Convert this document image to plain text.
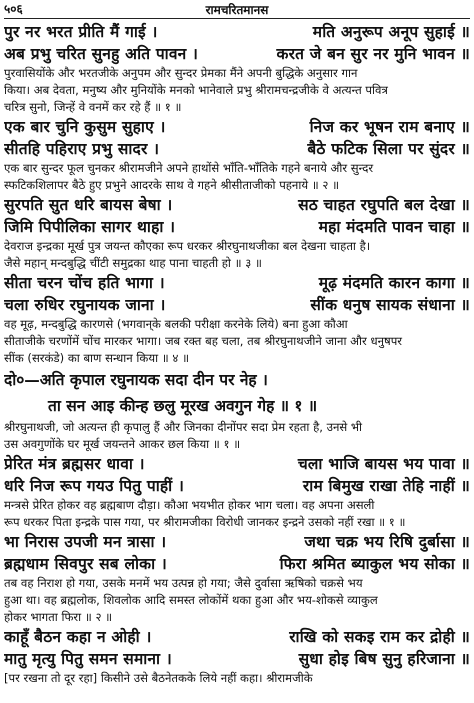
५०६	रामचरितमानस
पुर नर भरत प्रीति मैं गाई ।	मति अनुरूप अनूप सुहाई ॥
अब प्रभु चरित सुनहु अति पावन ।	करत जे बन सुर नर मुनि भावन ॥
पुरवासियोंके और भरतजीके अनुपम और सुन्दर प्रेमका मैंने अपनी बुद्धिके अनुसार गान
किया। अब देवता, मनुष्य और मुनियोंके मनको भानेवाले प्रभु श्रीरामचन्द्रजीके वे अत्यन्त पवित्र
चरित्र सुनो, जिन्हें वे वनमें कर रहे हैं ॥ १ ॥
एक बार चुनि कुसुम सुहाए ।	निज कर भूषन राम बनाए ॥
सीतहि पहिराए प्रभु सादर ।	बैठे फटिक सिला पर सुंदर ॥
एक बार सुन्दर फूल चुनकर श्रीरामजीने अपने हाथोंसे भाँति-भाँतिके गहने बनाये और सुन्दर
स्फटिकशिलापर बैठे हुए प्रभुने आदरके साथ वे गहने श्रीसीताजीको पहनाये ॥ २ ॥
सुरपति सुत धरि बायस बेषा ।	सठ चाहत रघुपति बल देखा ॥
जिमि पिपीलिका सागर थाहा ।	महा मंदमति पावन चाहा ॥
देवराज इन्द्रका मूर्ख पुत्र जयन्त कौएका रूप धरकर श्रीरघुनाथजीका बल देखना चाहता है।
जैसे महान् मन्दबुद्धि चींटी समुद्रका थाह पाना चाहती हो ॥ ३ ॥
सीता चरन चोंच हति भागा ।	मूढ़ मंदमति कारन कागा ॥
चला रुधिर रघुनायक जाना ।	सींक धनुष सायक संधाना ॥
वह मूढ़, मन्दबुद्धि कारणसे (भगवान्‌के बलकी परीक्षा करनेके लिये) बना हुआ कौआ
सीताजीके चरणोंमें चोंच मारकर भागा। जब रक्त बह चला, तब श्रीरघुनाथजीने जाना और धनुषपर
सींक (सरकंडे) का बाण सन्धान किया ॥ ४ ॥
दो०—अति कृपाल रघुनायक सदा दीन पर नेह ।
ता सन आइ कीन्ह छलु मूरख अवगुन गेह ॥ १ ॥
श्रीरघुनाथजी, जो अत्यन्त ही कृपालु हैं और जिनका दीनोंपर सदा प्रेम रहता है, उनसे भी
उस अवगुणोंके घर मूर्ख जयन्तने आकर छल किया ॥ १ ॥
प्रेरित मंत्र ब्रह्मसर धावा ।	चला भाजि बायस भय पावा ॥
धरि निज रूप गयउ पितु पाहीं ।	राम बिमुख राखा तेहि नाहीं ॥
मन्त्रसे प्रेरित होकर वह ब्रह्मबाण दौड़ा। कौआ भयभीत होकर भाग चला। वह अपना असली
रूप धरकर पिता इन्द्रके पास गया, पर श्रीरामजीका विरोधी जानकर इन्द्रने उसको नहीं रखा ॥ १ ॥
भा निरास उपजी मन त्रासा ।	जथा चक्र भय रिषि दुर्बासा ॥
ब्रह्मधाम सिवपुर सब लोका ।	फिरा श्रमित ब्याकुल भय सोका ॥
तब वह निराश हो गया, उसके मनमें भय उत्पन्न हो गया; जैसे दुर्वासा ऋषिको चक्रसे भय
हुआ था। वह ब्रह्मलोक, शिवलोक आदि समस्त लोकोंमें थका हुआ और भय-शोकसे व्याकुल
होकर भागता फिरा ॥ २ ॥
काहूँ बैठन कहा न ओही ।	राखि को सकइ राम कर द्रोही ॥
मातु मृत्यु पितु समन समाना ।	सुधा होइ बिष सुनु हरिजाना ॥
[पर रखना तो दूर रहा] किसीने उसे बैठनेतकके लिये नहीं कहा। श्रीरामजीके
